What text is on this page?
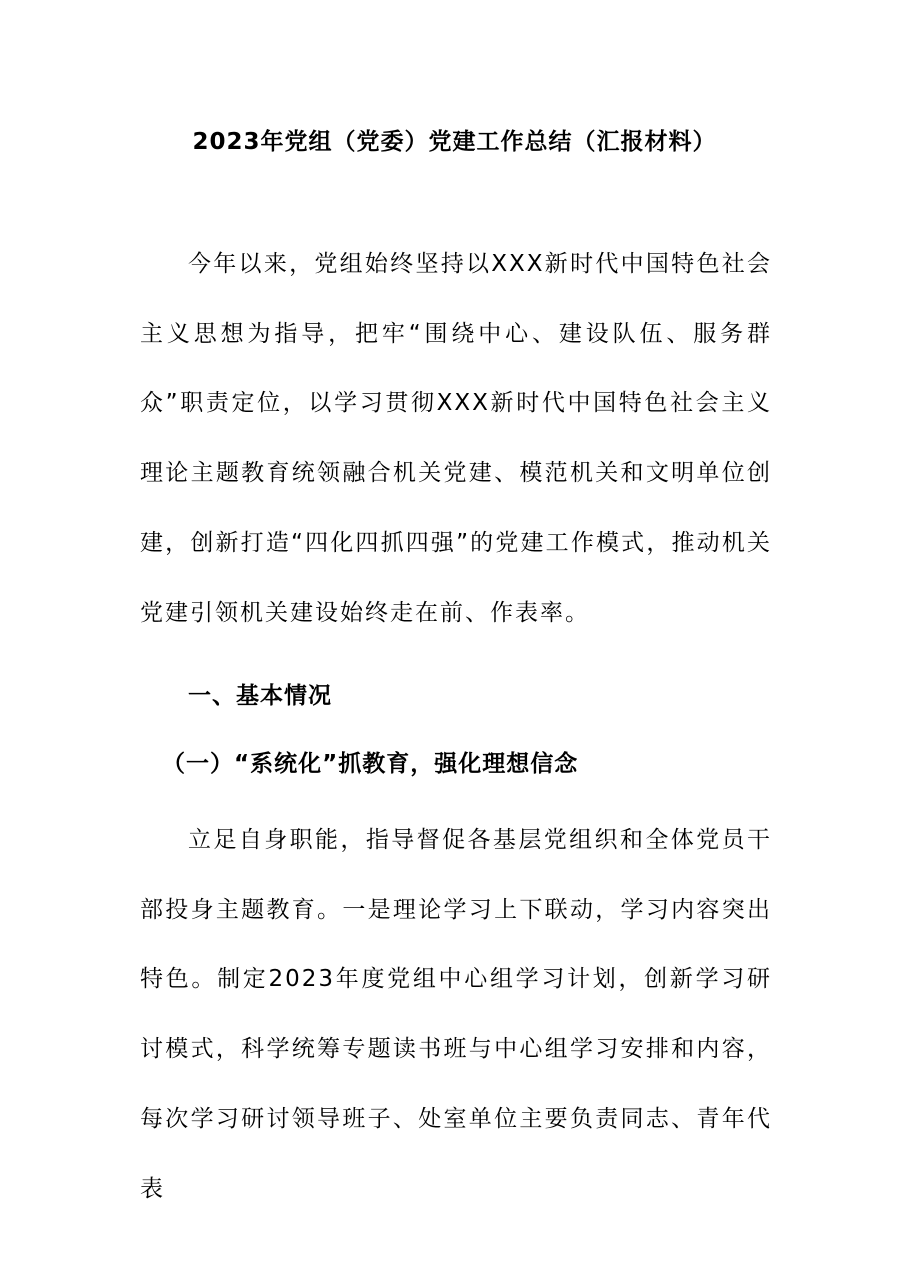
2023年党组（党委）党建工作总结（汇报材料）
今年以来，党组始终坚持以XXX新时代中国特色社会主义思想为指导，把牢“围绕中心、建设队伍、服务群众”职责定位，以学习贯彻XXX新时代中国特色社会主义理论主题教育统领融合机关党建、模范机关和文明单位创建，创新打造“四化四抓四强”的党建工作模式，推动机关党建引领机关建设始终走在前、作表率。
一、基本情况
（一）“系统化”抓教育，强化理想信念
立足自身职能，指导督促各基层党组织和全体党员干部投身主题教育。一是理论学习上下联动，学习内容突出特色。制定2023年度党组中心组学习计划，创新学习研讨模式，科学统筹专题读书班与中心组学习安排和内容，每次学习研讨领导班子、处室单位主要负责同志、青年代表
